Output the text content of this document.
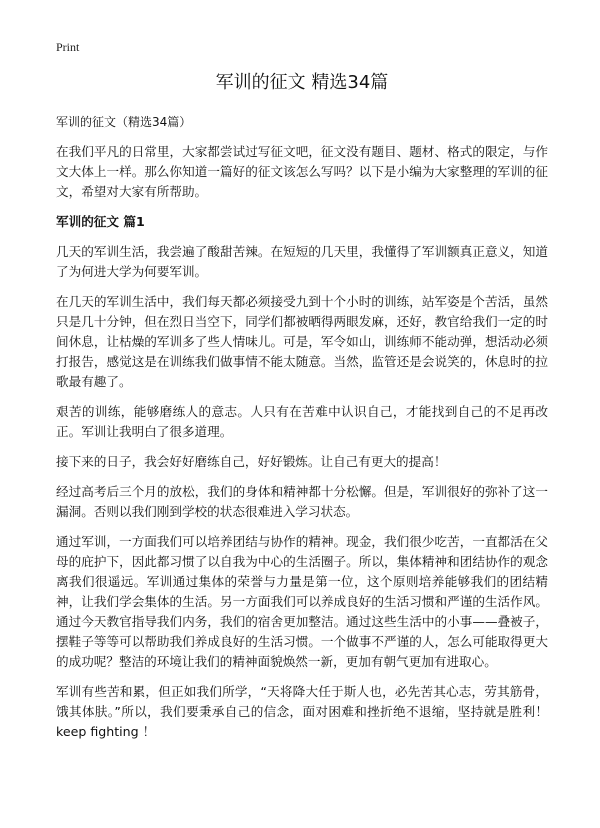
Print
军训的征文 精选34篇

军训的征文（精选34篇）

在我们平凡的日常里，大家都尝试过写征文吧，征文没有题目、题材、格式的限定，与作文大体上一样。那么你知道一篇好的征文该怎么写吗？以下是小编为大家整理的军训的征文，希望对大家有所帮助。

军训的征文 篇1

几天的军训生活，我尝遍了酸甜苦辣。在短短的几天里，我懂得了军训额真正意义，知道了为何进大学为何要军训。

在几天的军训生活中，我们每天都必须接受九到十个小时的训练，站军姿是个苦活，虽然只是几十分钟，但在烈日当空下，同学们都被晒得两眼发麻，还好，教官给我们一定的时间休息，让枯燥的军训多了些人情味儿。可是，军令如山，训练师不能动弹，想活动必须打报告，感觉这是在训练我们做事情不能太随意。当然，监管还是会说笑的，休息时的拉歌最有趣了。

艰苦的训练，能够磨练人的意志。人只有在苦难中认识自己，才能找到自己的不足再改正。军训让我明白了很多道理。

接下来的日子，我会好好磨练自己，好好锻炼。让自己有更大的提高！

经过高考后三个月的放松，我们的身体和精神都十分松懈。但是，军训很好的弥补了这一漏洞。否则以我们刚到学校的状态很难进入学习状态。

通过军训，一方面我们可以培养团结与协作的精神。现金，我们很少吃苦，一直都活在父母的庇护下，因此都习惯了以自我为中心的生活圈子。所以，集体精神和团结协作的观念离我们很遥远。军训通过集体的荣誉与力量是第一位，这个原则培养能够我们的团结精神，让我们学会集体的生活。另一方面我们可以养成良好的生活习惯和严谨的生活作风。通过今天教官指导我们内务，我们的宿舍更加整洁。通过这些生活中的小事——叠被子，摆鞋子等等可以帮助我们养成良好的生活习惯。一个做事不严谨的人，怎么可能取得更大的成功呢？整洁的环境让我们的精神面貌焕然一新，更加有朝气更加有进取心。

军训有些苦和累，但正如我们所学，“天将降大任于斯人也，必先苦其心志，劳其筋骨，饿其体肤。”所以，我们要秉承自己的信念，面对困难和挫折绝不退缩，坚持就是胜利！ keep fighting ！
